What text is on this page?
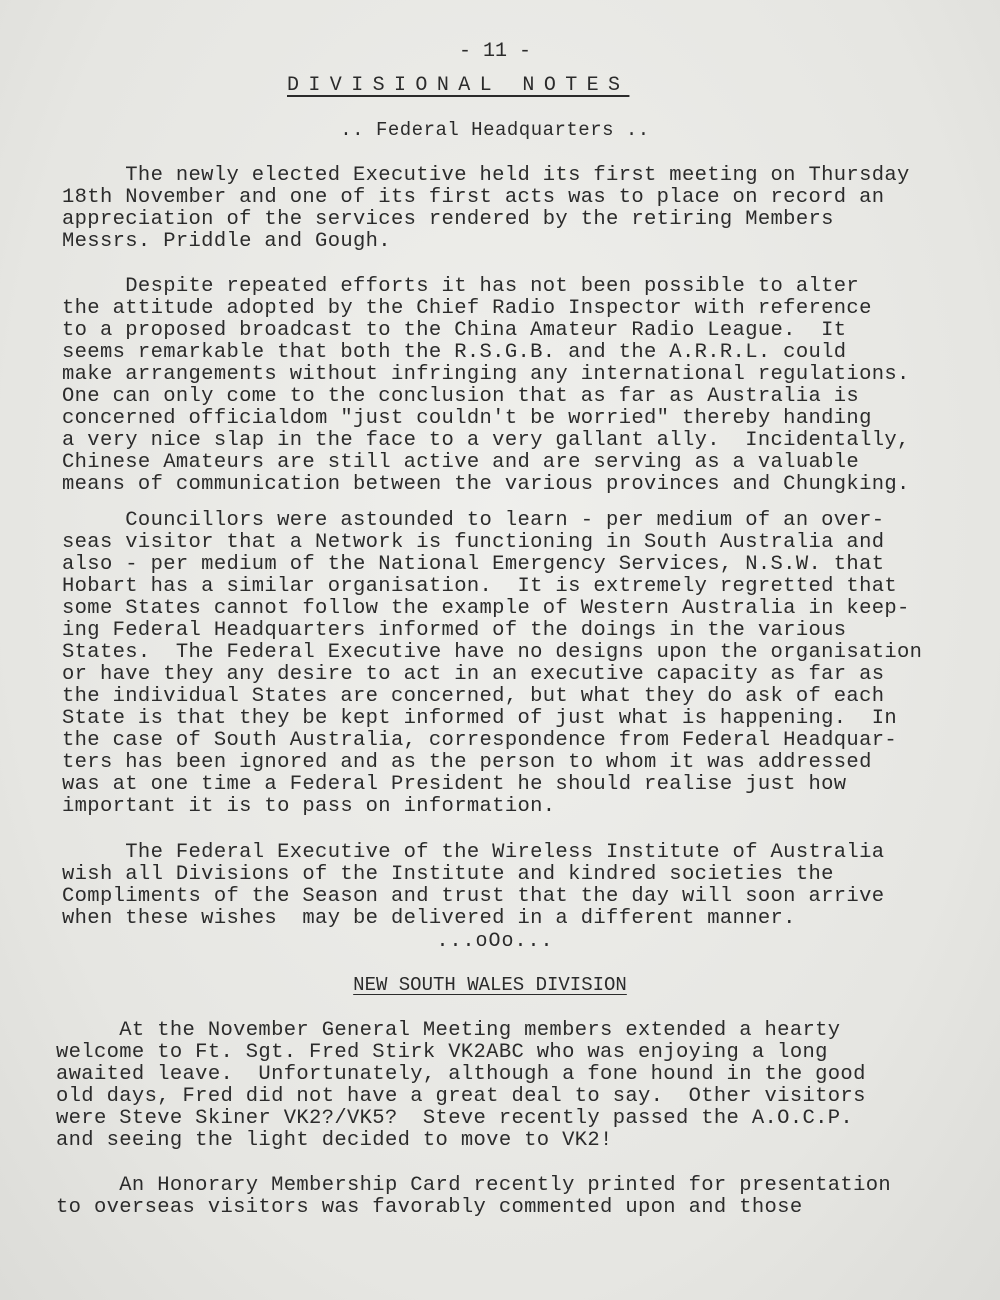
- 11 -
DIVISIONAL NOTES
.. Federal Headquarters ..
The newly elected Executive held its first meeting on Thursday
18th November and one of its first acts was to place on record an
appreciation of the services rendered by the retiring Members
Messrs. Priddle and Gough.
Despite repeated efforts it has not been possible to alter
the attitude adopted by the Chief Radio Inspector with reference
to a proposed broadcast to the China Amateur Radio League.  It
seems remarkable that both the R.S.G.B. and the A.R.R.L. could
make arrangements without infringing any international regulations.
One can only come to the conclusion that as far as Australia is
concerned officialdom "just couldn't be worried" thereby handing
a very nice slap in the face to a very gallant ally.  Incidentally,
Chinese Amateurs are still active and are serving as a valuable
means of communication between the various provinces and Chungking.
Councillors were astounded to learn - per medium of an over-
seas visitor that a Network is functioning in South Australia and
also - per medium of the National Emergency Services, N.S.W. that
Hobart has a similar organisation.  It is extremely regretted that
some States cannot follow the example of Western Australia in keep-
ing Federal Headquarters informed of the doings in the various
States.  The Federal Executive have no designs upon the organisation
or have they any desire to act in an executive capacity as far as
the individual States are concerned, but what they do ask of each
State is that they be kept informed of just what is happening.  In
the case of South Australia, correspondence from Federal Headquar-
ters has been ignored and as the person to whom it was addressed
was at one time a Federal President he should realise just how
important it is to pass on information.
The Federal Executive of the Wireless Institute of Australia
wish all Divisions of the Institute and kindred societies the
Compliments of the Season and trust that the day will soon arrive
when these wishes  may be delivered in a different manner.
...oOo...
NEW SOUTH WALES DIVISION
At the November General Meeting members extended a hearty
welcome to Ft. Sgt. Fred Stirk VK2ABC who was enjoying a long
awaited leave.  Unfortunately, although a fone hound in the good
old days, Fred did not have a great deal to say.  Other visitors
were Steve Skiner VK2?/VK5?  Steve recently passed the A.O.C.P.
and seeing the light decided to move to VK2!
An Honorary Membership Card recently printed for presentation
to overseas visitors was favorably commented upon and those
